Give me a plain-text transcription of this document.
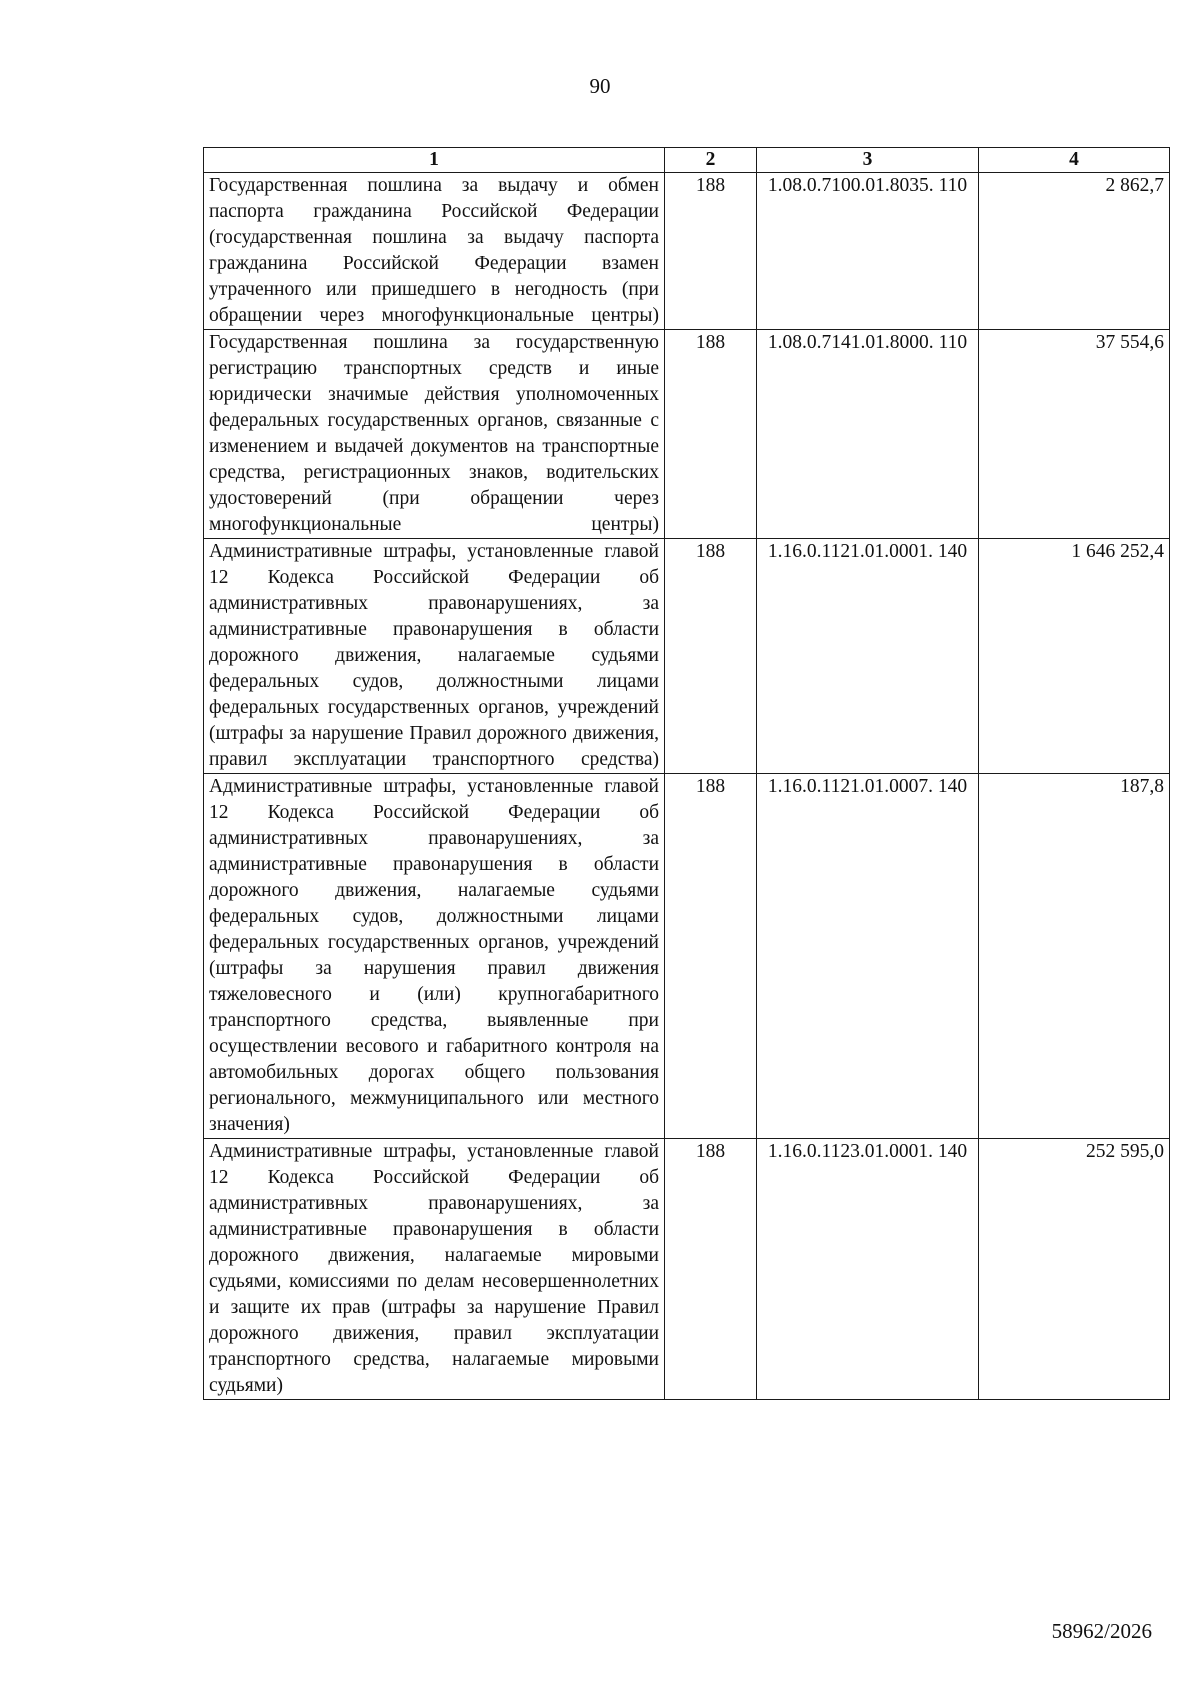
90
1	2	3	4
Государственная пошлина за выдачу и обмен паспорта гражданина Российской Федерации (государственная пошлина за выдачу паспорта гражданина Российской Федерации взамен утраченного или пришедшего в негодность (при обращении через многофункциональные центры)	188	1.08.0.7100.01.8035. 110	2 862,7
Государственная пошлина за государственную регистрацию транспортных средств и иные юридически значимые действия уполномоченных федеральных государственных органов, связанные с изменением и выдачей документов на транспортные средства, регистрационных знаков, водительских удостоверений (при обращении через многофункциональные центры)	188	1.08.0.7141.01.8000. 110	37 554,6
Административные штрафы, установленные главой 12 Кодекса Российской Федерации об административных правонарушениях, за административные правонарушения в области дорожного движения, налагаемые судьями федеральных судов, должностными лицами федеральных государственных органов, учреждений (штрафы за нарушение Правил дорожного движения, правил эксплуатации транспортного средства)	188	1.16.0.1121.01.0001. 140	1 646 252,4
Административные штрафы, установленные главой 12 Кодекса Российской Федерации об административных правонарушениях, за административные правонарушения в области дорожного движения, налагаемые судьями федеральных судов, должностными лицами федеральных государственных органов, учреждений (штрафы за нарушения правил движения тяжеловесного и (или) крупногабаритного транспортного средства, выявленные при осуществлении весового и габаритного контроля на автомобильных дорогах общего пользования регионального, межмуниципального или местного значения)	188	1.16.0.1121.01.0007. 140	187,8
Административные штрафы, установленные главой 12 Кодекса Российской Федерации об административных правонарушениях, за административные правонарушения в области дорожного движения, налагаемые мировыми судьями, комиссиями по делам несовершеннолетних и защите их прав (штрафы за нарушение Правил дорожного движения, правил эксплуатации транспортного средства, налагаемые мировыми судьями)	188	1.16.0.1123.01.0001. 140	252 595,0
58962/2026
